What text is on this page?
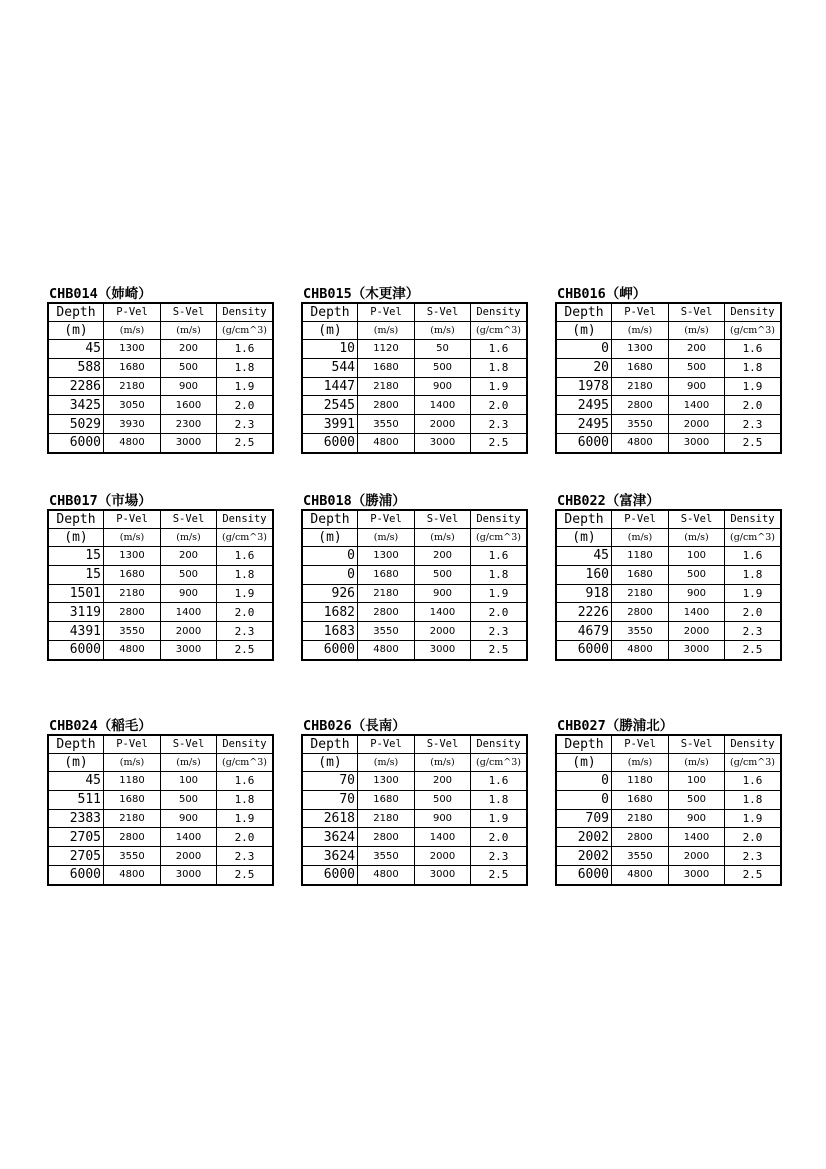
CHB014（姉崎）
Depth	P-Vel	S-Vel	Density
(m)	(m/s)	(m/s)	(g/cm^3)
45	1300	200	1.6
588	1680	500	1.8
2286	2180	900	1.9
3425	3050	1600	2.0
5029	3930	2300	2.3
6000	4800	3000	2.5
CHB015（木更津）
Depth	P-Vel	S-Vel	Density
(m)	(m/s)	(m/s)	(g/cm^3)
10	1120	50	1.6
544	1680	500	1.8
1447	2180	900	1.9
2545	2800	1400	2.0
3991	3550	2000	2.3
6000	4800	3000	2.5
CHB016（岬）
Depth	P-Vel	S-Vel	Density
(m)	(m/s)	(m/s)	(g/cm^3)
0	1300	200	1.6
20	1680	500	1.8
1978	2180	900	1.9
2495	2800	1400	2.0
2495	3550	2000	2.3
6000	4800	3000	2.5
CHB017（市場）
Depth	P-Vel	S-Vel	Density
(m)	(m/s)	(m/s)	(g/cm^3)
15	1300	200	1.6
15	1680	500	1.8
1501	2180	900	1.9
3119	2800	1400	2.0
4391	3550	2000	2.3
6000	4800	3000	2.5
CHB018（勝浦）
Depth	P-Vel	S-Vel	Density
(m)	(m/s)	(m/s)	(g/cm^3)
0	1300	200	1.6
0	1680	500	1.8
926	2180	900	1.9
1682	2800	1400	2.0
1683	3550	2000	2.3
6000	4800	3000	2.5
CHB022（富津）
Depth	P-Vel	S-Vel	Density
(m)	(m/s)	(m/s)	(g/cm^3)
45	1180	100	1.6
160	1680	500	1.8
918	2180	900	1.9
2226	2800	1400	2.0
4679	3550	2000	2.3
6000	4800	3000	2.5
CHB024（稲毛）
Depth	P-Vel	S-Vel	Density
(m)	(m/s)	(m/s)	(g/cm^3)
45	1180	100	1.6
511	1680	500	1.8
2383	2180	900	1.9
2705	2800	1400	2.0
2705	3550	2000	2.3
6000	4800	3000	2.5
CHB026（長南）
Depth	P-Vel	S-Vel	Density
(m)	(m/s)	(m/s)	(g/cm^3)
70	1300	200	1.6
70	1680	500	1.8
2618	2180	900	1.9
3624	2800	1400	2.0
3624	3550	2000	2.3
6000	4800	3000	2.5
CHB027（勝浦北）
Depth	P-Vel	S-Vel	Density
(m)	(m/s)	(m/s)	(g/cm^3)
0	1180	100	1.6
0	1680	500	1.8
709	2180	900	1.9
2002	2800	1400	2.0
2002	3550	2000	2.3
6000	4800	3000	2.5
